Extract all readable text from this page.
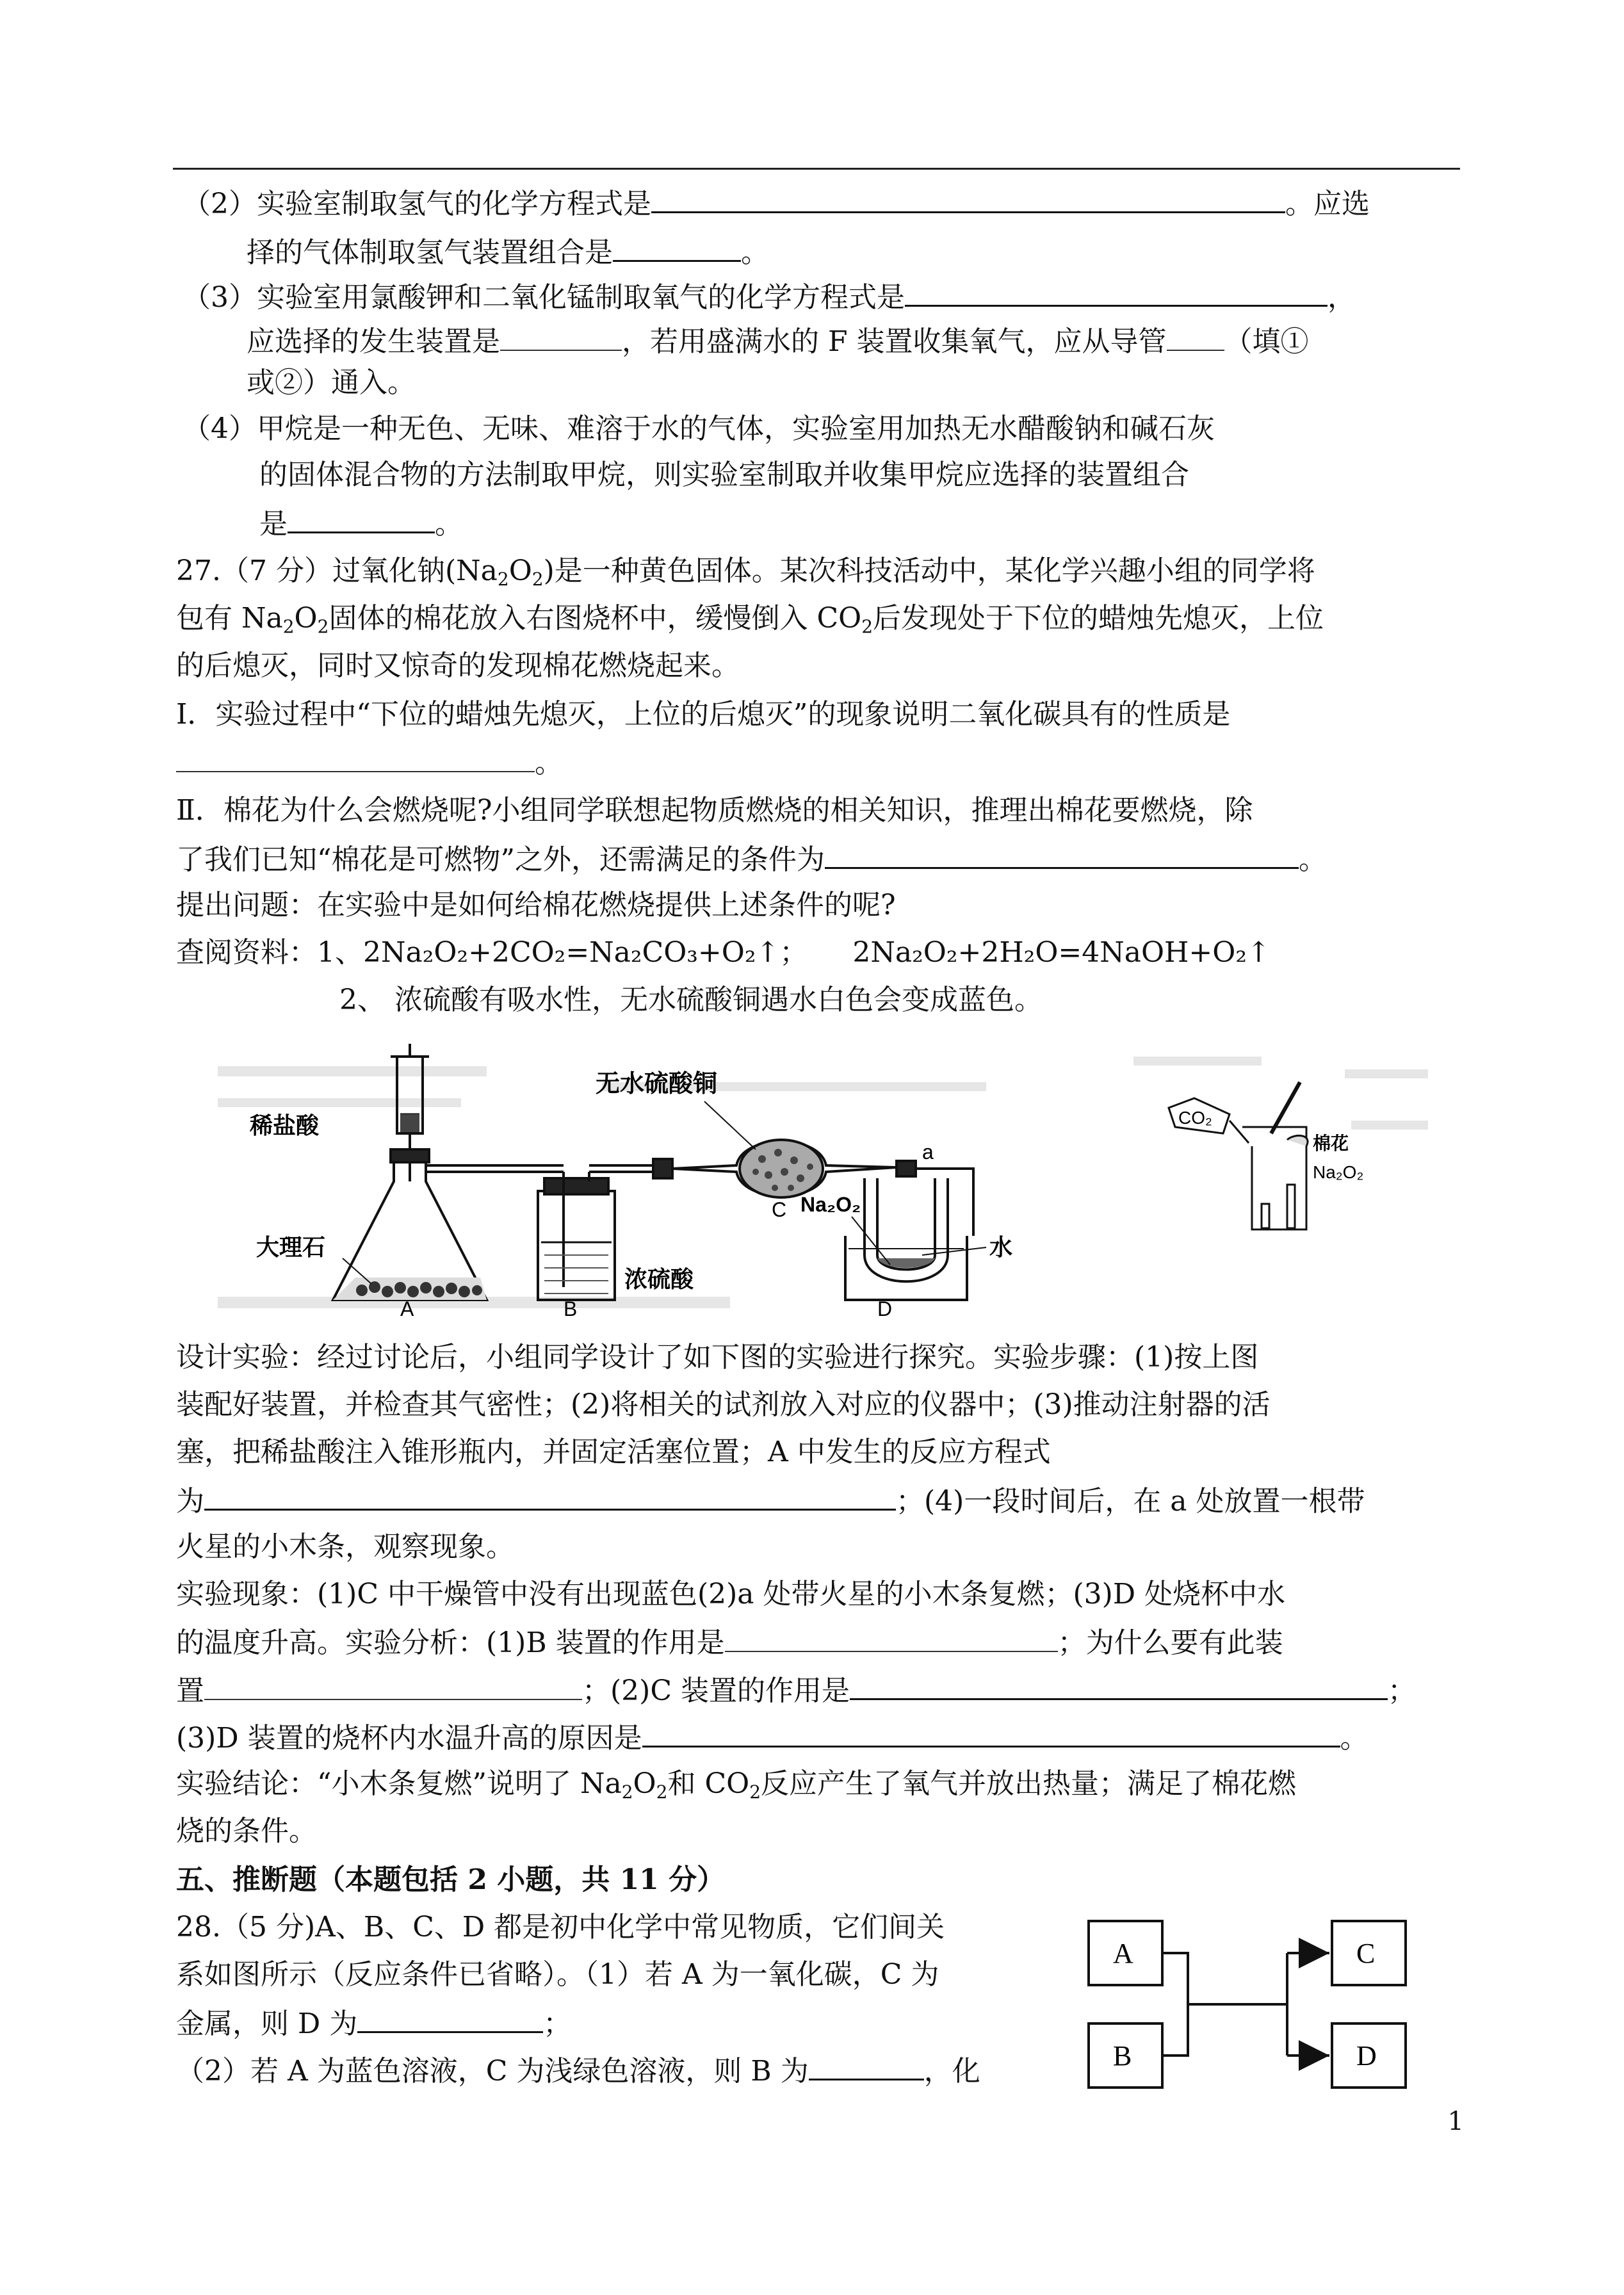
（2）实验室制取氢气的化学方程式是	。应选
择的气体制取氢气装置组合是	。
（3）实验室用氯酸钾和二氧化锰制取氧气的化学方程式是	，
应选择的发生装置是	，若用盛满水的 F 装置收集氧气，应从导管 （填①
或②）通入。
（4）甲烷是一种无色、无味、难溶于水的气体，实验室用加热无水醋酸钠和碱石灰
的固体混合物的方法制取甲烷，则实验室制取并收集甲烷应选择的装置组合
是	。
27.（7 分）过氧化钠$(Na_2O_2)$是一种黄色固体。某次科技活动中，某化学兴趣小组的同学将
包有 $Na_2O_2$固体的棉花放入右图烧杯中，缓慢倒入 $CO_2$后发现处于下位的蜡烛先熄灭，上位
的后熄灭，同时又惊奇的发现棉花燃烧起来。
I．实验过程中“下位的蜡烛先熄灭，上位的后熄灭”的现象说明二氧化碳具有的性质是
。
Ⅱ．棉花为什么会燃烧呢?小组同学联想起物质燃烧的相关知识，推理出棉花要燃烧，除
了我们已知“棉花是可燃物”之外，还需满足的条件为	。
提出问题：在实验中是如何给棉花燃烧提供上述条件的呢?
查阅资料：1、2Na₂O₂+2CO₂=Na₂CO₃+O₂↑； 2Na₂O₂+2H₂O=4NaOH+O₂↑
2、 浓硫酸有吸水性，无水硫酸铜遇水白色会变成蓝色。
稀盐酸
大理石
A
浓硫酸
B
无水硫酸铜
C Na₂O₂
a
水
D
CO₂
棉花
Na₂O₂
设计实验：经过讨论后，小组同学设计了如下图的实验进行探究。实验步骤：(1)按上图
装配好装置，并检查其气密性；(2)将相关的试剂放入对应的仪器中；(3)推动注射器的活
塞，把稀盐酸注入锥形瓶内，并固定活塞位置；A 中发生的反应方程式
为	；(4)一段时间后，在 a 处放置一根带
火星的小木条，观察现象。
实验现象：(1)C 中干燥管中没有出现蓝色(2)a 处带火星的小木条复燃；(3)D 处烧杯中水
的温度升高。实验分析：(1)B 装置的作用是	；为什么要有此装
置	；(2)C 装置的作用是	；
(3)D 装置的烧杯内水温升高的原因是	。
实验结论：“小木条复燃”说明了 $Na_2O_2$和 $CO_2$反应产生了氧气并放出热量；满足了棉花燃
烧的条件。
五、推断题（本题包括 2 小题，共 11 分）
28.（5 分)A、B、C、D 都是初中化学中常见物质，它们间关
系如图所示（反应条件已省略）。（1）若 A 为一氧化碳，C 为
金属，则 D 为	；
（2）若 A 为蓝色溶液，C 为浅绿色溶液，则 B 为	，化
A
B
C
D
1
